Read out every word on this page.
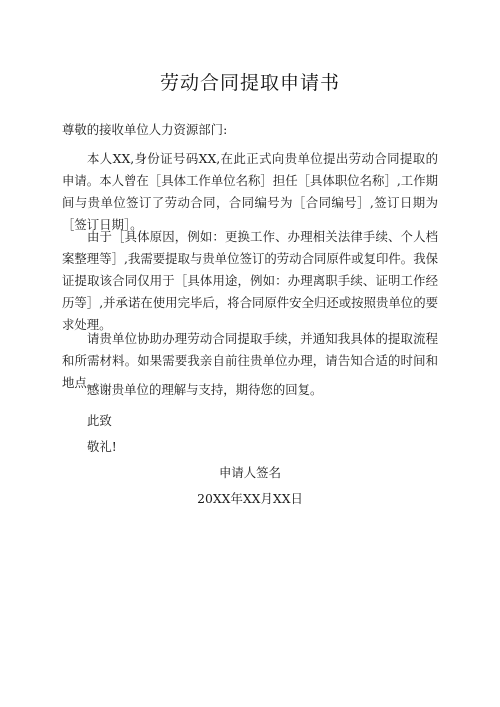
劳动合同提取申请书
尊敬的接收单位人力资源部门:
本人XX,身份证号码XX,在此正式向贵单位提出劳动合同提取的申请。本人曾在［具体工作单位名称］担任［具体职位名称］,工作期间与贵单位签订了劳动合同，合同编号为［合同编号］,签订日期为［签订日期］。
由于［具体原因，例如：更换工作、办理相关法律手续、个人档案整理等］,我需要提取与贵单位签订的劳动合同原件或复印件。我保证提取该合同仅用于［具体用途，例如：办理离职手续、证明工作经历等］,并承诺在使用完毕后，将合同原件安全归还或按照贵单位的要求处理。
请贵单位协助办理劳动合同提取手续，并通知我具体的提取流程和所需材料。如果需要我亲自前往贵单位办理，请告知合适的时间和地点。
感谢贵单位的理解与支持，期待您的回复。
此致
敬礼!
申请人签名
20XX年XX月XX日
